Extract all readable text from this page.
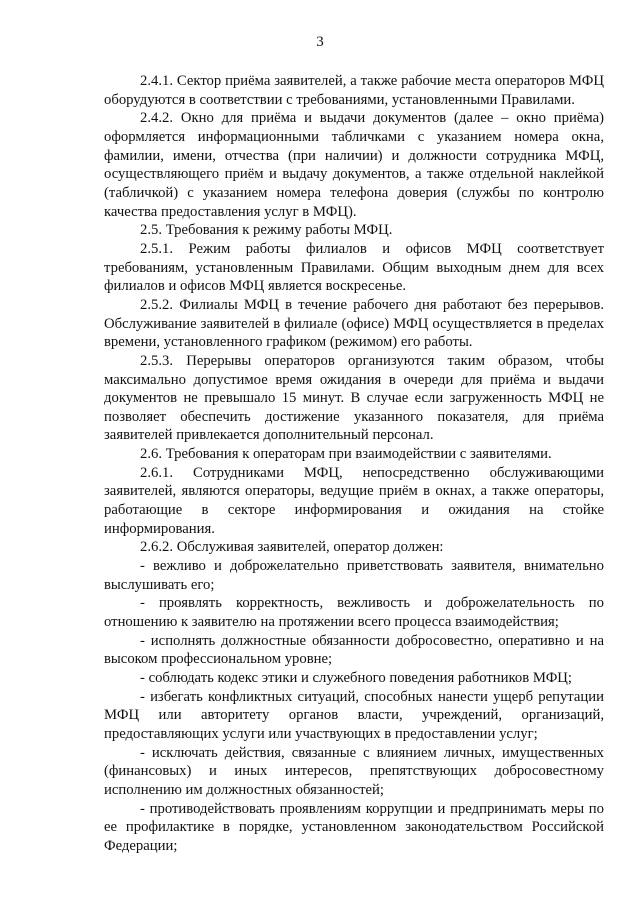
3

2.4.1. Сектор приёма заявителей, а также рабочие места операторов МФЦ оборудуются в соответствии с требованиями, установленными Правилами.

2.4.2. Окно для приёма и выдачи документов (далее – окно приёма) оформляется информационными табличками с указанием номера окна, фамилии, имени, отчества (при наличии) и должности сотрудника МФЦ, осуществляющего приём и выдачу документов, а также отдельной наклейкой (табличкой) с указанием номера телефона доверия (службы по контролю качества предоставления услуг в МФЦ).

2.5. Требования к режиму работы МФЦ.

2.5.1. Режим работы филиалов и офисов МФЦ соответствует требованиям, установленным Правилами. Общим выходным днем для всех филиалов и офисов МФЦ является воскресенье.

2.5.2. Филиалы МФЦ в течение рабочего дня работают без перерывов. Обслуживание заявителей в филиале (офисе) МФЦ осуществляется в пределах времени, установленного графиком (режимом) его работы.

2.5.3. Перерывы операторов организуются таким образом, чтобы максимально допустимое время ожидания в очереди для приёма и выдачи документов не превышало 15 минут. В случае если загруженность МФЦ не позволяет обеспечить достижение указанного показателя, для приёма заявителей привлекается дополнительный персонал.

2.6. Требования к операторам при взаимодействии с заявителями.

2.6.1. Сотрудниками МФЦ, непосредственно обслуживающими заявителей, являются операторы, ведущие приём в окнах, а также операторы, работающие в секторе информирования и ожидания на стойке информирования.

2.6.2. Обслуживая заявителей, оператор должен:

- вежливо и доброжелательно приветствовать заявителя, внимательно выслушивать его;

- проявлять корректность, вежливость и доброжелательность по отношению к заявителю на протяжении всего процесса взаимодействия;

- исполнять должностные обязанности добросовестно, оперативно и на высоком профессиональном уровне;

- соблюдать кодекс этики и служебного поведения работников МФЦ;

- избегать конфликтных ситуаций, способных нанести ущерб репутации МФЦ или авторитету органов власти, учреждений, организаций, предоставляющих услуги или участвующих в предоставлении услуг;

- исключать действия, связанные с влиянием личных, имущественных (финансовых) и иных интересов, препятствующих добросовестному исполнению им должностных обязанностей;

- противодействовать проявлениям коррупции и предпринимать меры по ее профилактике в порядке, установленном законодательством Российской Федерации;
